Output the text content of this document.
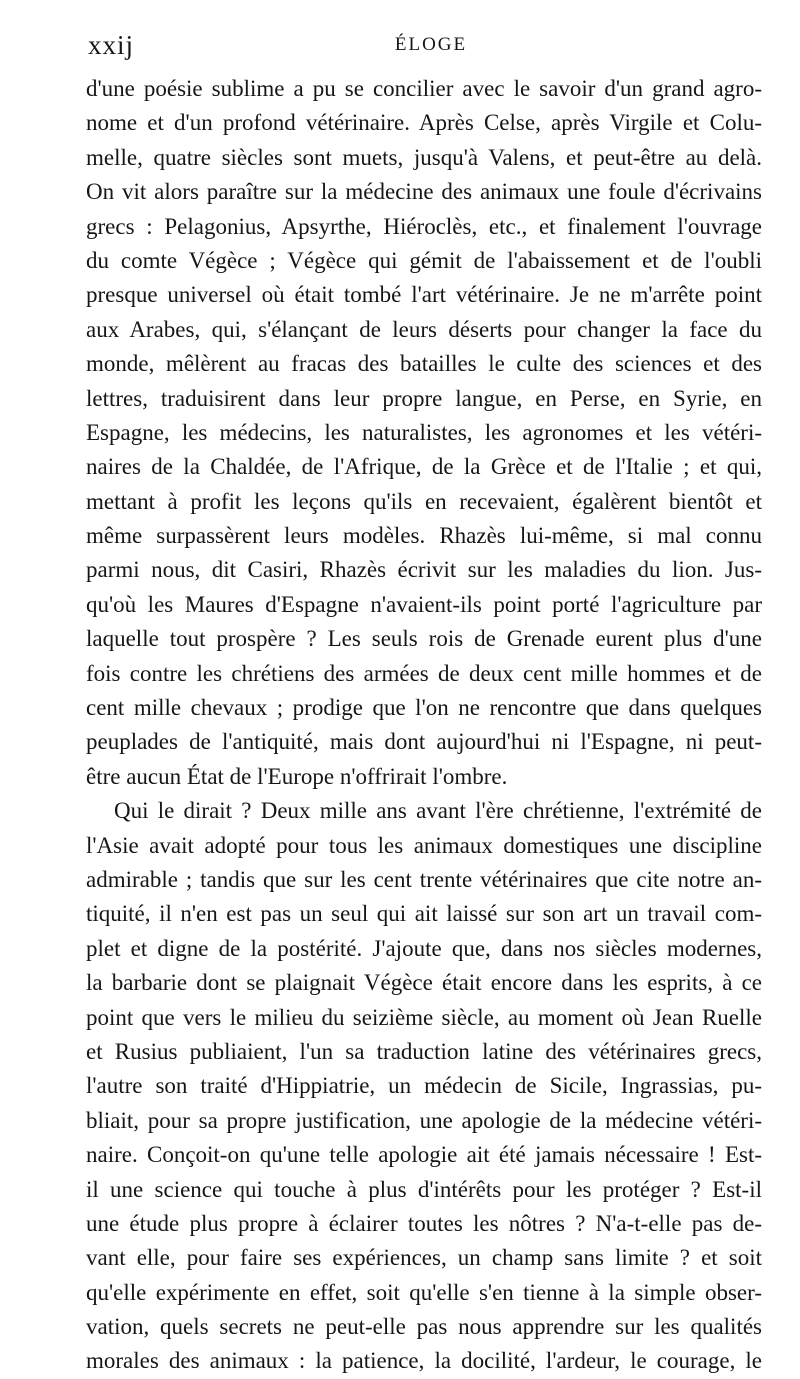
xxij	ÉLOGE
d'une poésie sublime a pu se concilier avec le savoir d'un grand agro-
nome et d'un profond vétérinaire. Après Celse, après Virgile et Colu-
melle, quatre siècles sont muets, jusqu'à Valens, et peut-être au delà.
On vit alors paraître sur la médecine des animaux une foule d'écrivains
grecs : Pelagonius, Apsyrthe, Hiéroclès, etc., et finalement l'ouvrage
du comte Végèce ; Végèce qui gémit de l'abaissement et de l'oubli
presque universel où était tombé l'art vétérinaire. Je ne m'arrête point
aux Arabes, qui, s'élançant de leurs déserts pour changer la face du
monde, mêlèrent au fracas des batailles le culte des sciences et des
lettres, traduisirent dans leur propre langue, en Perse, en Syrie, en
Espagne, les médecins, les naturalistes, les agronomes et les vétéri-
naires de la Chaldée, de l'Afrique, de la Grèce et de l'Italie ; et qui,
mettant à profit les leçons qu'ils en recevaient, égalèrent bientôt et
même surpassèrent leurs modèles. Rhazès lui-même, si mal connu
parmi nous, dit Casiri, Rhazès écrivit sur les maladies du lion. Jus-
qu'où les Maures d'Espagne n'avaient-ils point porté l'agriculture par
laquelle tout prospère ? Les seuls rois de Grenade eurent plus d'une
fois contre les chrétiens des armées de deux cent mille hommes et de
cent mille chevaux ; prodige que l'on ne rencontre que dans quelques
peuplades de l'antiquité, mais dont aujourd'hui ni l'Espagne, ni peut-
être aucun État de l'Europe n'offrirait l'ombre.
Qui le dirait ? Deux mille ans avant l'ère chrétienne, l'extrémité de
l'Asie avait adopté pour tous les animaux domestiques une discipline
admirable ; tandis que sur les cent trente vétérinaires que cite notre an-
tiquité, il n'en est pas un seul qui ait laissé sur son art un travail com-
plet et digne de la postérité. J'ajoute que, dans nos siècles modernes,
la barbarie dont se plaignait Végèce était encore dans les esprits, à ce
point que vers le milieu du seizième siècle, au moment où Jean Ruelle
et Rusius publiaient, l'un sa traduction latine des vétérinaires grecs,
l'autre son traité d'Hippiatrie, un médecin de Sicile, Ingrassias, pu-
bliait, pour sa propre justification, une apologie de la médecine vétéri-
naire. Conçoit-on qu'une telle apologie ait été jamais nécessaire ! Est-
il une science qui touche à plus d'intérêts pour les protéger ? Est-il
une étude plus propre à éclairer toutes les nôtres ? N'a-t-elle pas de-
vant elle, pour faire ses expériences, un champ sans limite ? et soit
qu'elle expérimente en effet, soit qu'elle s'en tienne à la simple obser-
vation, quels secrets ne peut-elle pas nous apprendre sur les qualités
morales des animaux : la patience, la docilité, l'ardeur, le courage, le
